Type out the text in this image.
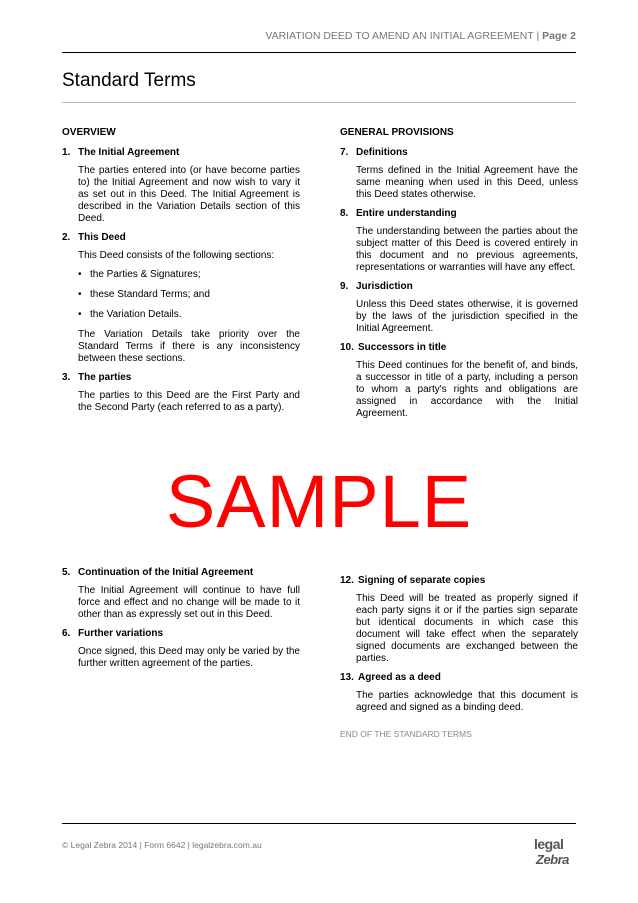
VARIATION DEED TO AMEND AN INITIAL AGREEMENT | Page 2
Standard Terms
OVERVIEW
1. The Initial Agreement
The parties entered into (or have become parties to) the Initial Agreement and now wish to vary it as set out in this Deed. The Initial Agreement is described in the Variation Details section of this Deed.
2. This Deed
This Deed consists of the following sections:
• the Parties & Signatures;
• these Standard Terms; and
• the Variation Details.
The Variation Details take priority over the Standard Terms if there is any inconsistency between these sections.
3. The parties
The parties to this Deed are the First Party and the Second Party (each referred to as a party).
GENERAL PROVISIONS
7. Definitions
Terms defined in the Initial Agreement have the same meaning when used in this Deed, unless this Deed states otherwise.
8. Entire understanding
The understanding between the parties about the subject matter of this Deed is covered entirely in this document and no previous agreements, representations or warranties will have any effect.
9. Jurisdiction
Unless this Deed states otherwise, it is governed by the laws of the jurisdiction specified in the Initial Agreement.
10. Successors in title
This Deed continues for the benefit of, and binds, a successor in title of a party, including a person to whom a party's rights and obligations are assigned in accordance with the Initial Agreement.
SAMPLE
5. Continuation of the Initial Agreement
The Initial Agreement will continue to have full force and effect and no change will be made to it other than as expressly set out in this Deed.
6. Further variations
Once signed, this Deed may only be varied by the further written agreement of the parties.
12. Signing of separate copies
This Deed will be treated as properly signed if each party signs it or if the parties sign separate but identical documents in which case this document will take effect when the separately signed documents are exchanged between the parties.
13. Agreed as a deed
The parties acknowledge that this document is agreed and signed as a binding deed.
END OF THE STANDARD TERMS
© Legal Zebra 2014 | Form 6642 | legalzebra.com.au	legal
Zebra
